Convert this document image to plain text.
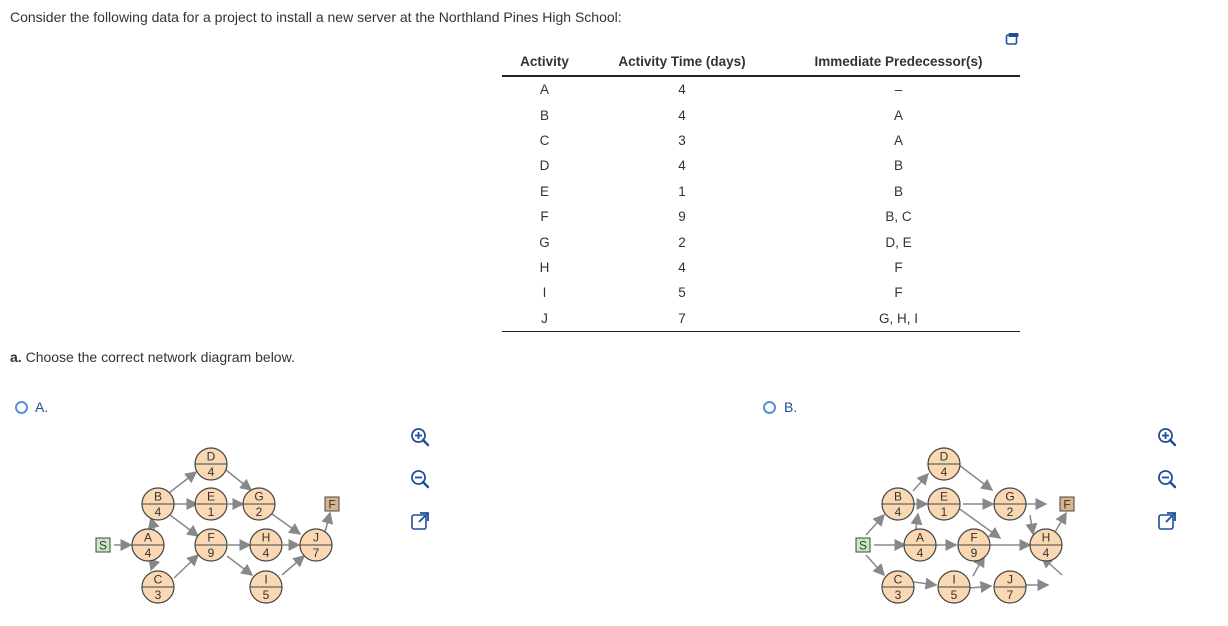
Consider the following data for a project to install a new server at the Northland Pines High School:
Activity	Activity Time (days)	Immediate Predecessor(s)
A	4	–
B	4	A
C	3	A
D	4	B
E	1	B
F	9	B, C
G	2	D, E
H	4	F
I	5	F
J	7	G, H, I
a. Choose the correct network diagram below.
A.	B.
S
F
A
4
B
4
C
3
D
4
E
1
F
9
G
2
H
4
I
5
J
7
S
F
B
4
C
3
A
4
D
4
E
1
F
9
I
5
G
2
H
4
J
7
